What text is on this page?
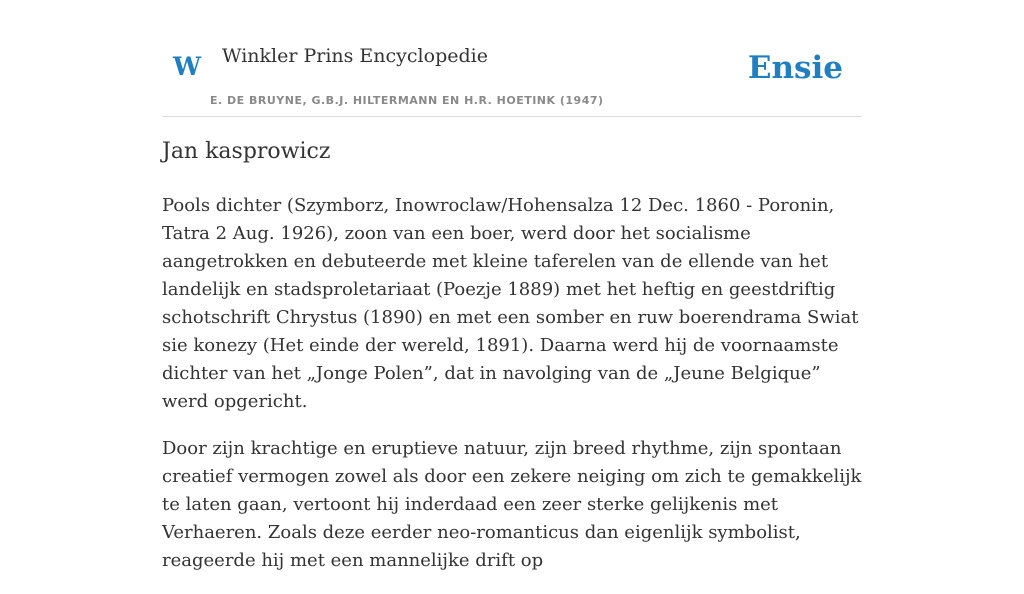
W Winkler Prins Encyclopedie
E. DE BRUYNE, G.B.J. HILTERMANN EN H.R. HOETINK (1947)
Ensie
Jan kasprowicz

Pools dichter (Szymborz, Inowroclaw/Hohensalza 12 Dec. 1860 - Poronin, Tatra 2 Aug. 1926), zoon van een boer, werd door het socialisme aangetrokken en debuteerde met kleine taferelen van de ellende van het landelijk en stadsproletariaat (Poezje 1889) met het heftig en geestdriftig schotschrift Chrystus (1890) en met een somber en ruw boerendrama Swiat sie konezy (Het einde der wereld, 1891). Daarna werd hij de voornaamste dichter van het „Jonge Polen”, dat in navolging van de „Jeune Belgique” werd opgericht.

Door zijn krachtige en eruptieve natuur, zijn breed rhythme, zijn spontaan creatief vermogen zowel als door een zekere neiging om zich te gemakkelijk te laten gaan, vertoont hij inderdaad een zeer sterke gelijkenis met Verhaeren. Zoals deze eerder neo-romanticus dan eigenlijk symbolist, reageerde hij met een mannelijke drift op
